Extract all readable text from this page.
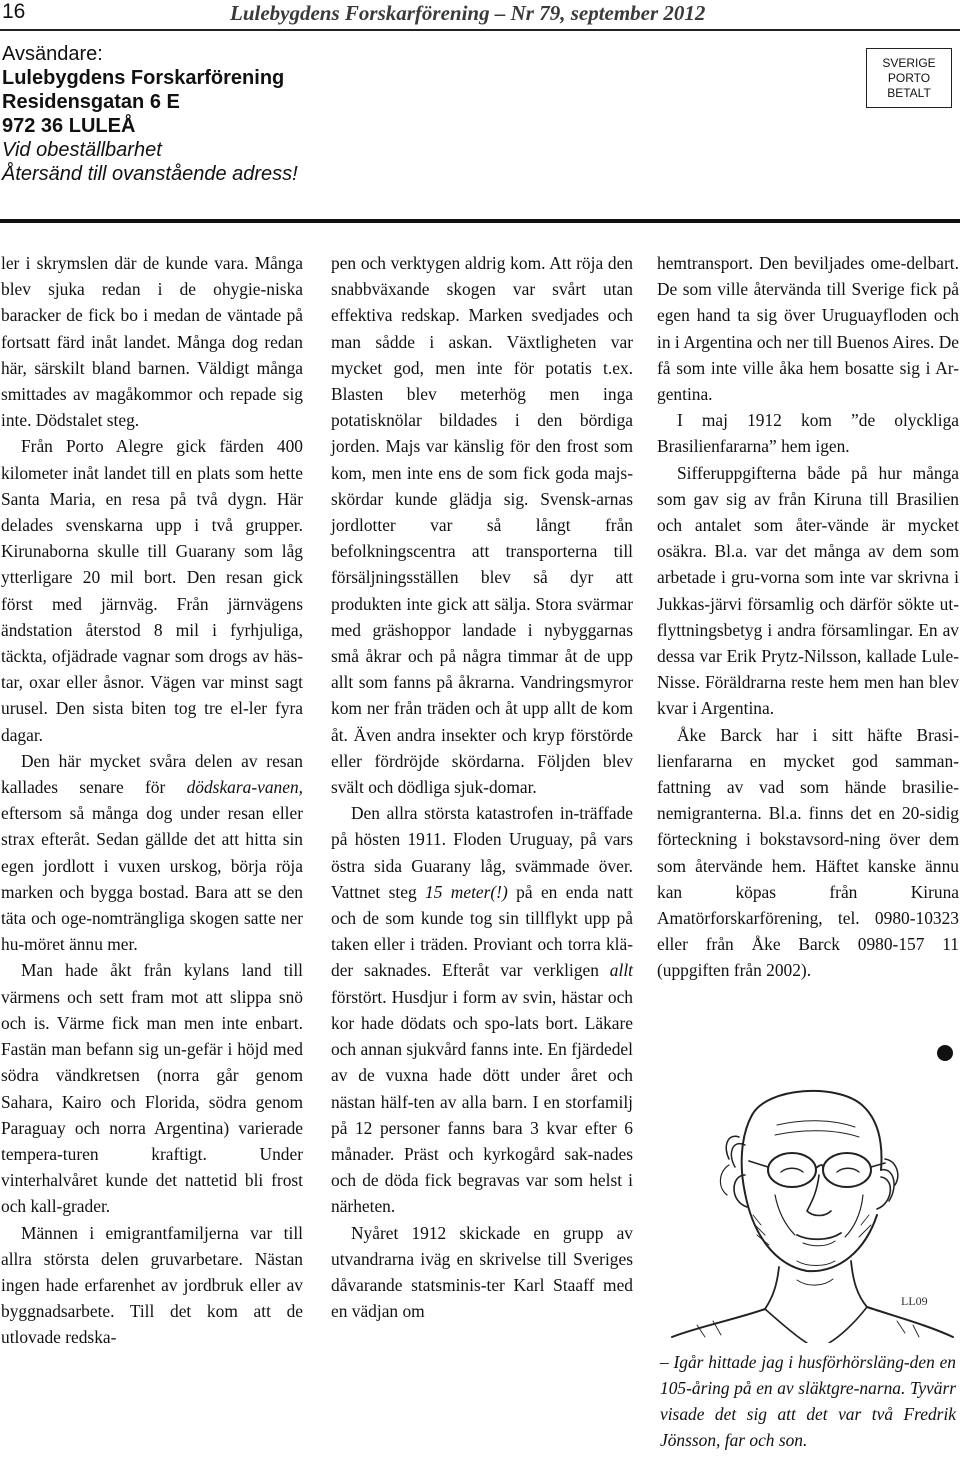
16	Lulebygdens Forskarförening – Nr 79, september 2012
Avsändare:
Lulebygdens Forskarförening
Residensgatan 6 E
972 36 LULEÅ
Vid obeställbarhet
Återsänd till ovanstående adress!
SVERIGE
PORTO
BETALT

ler i skrymslen där de kunde vara. Många blev sjuka redan i de ohygie-niska baracker de fick bo i medan de väntade på fortsatt färd inåt landet. Många dog redan här, särskilt bland barnen. Väldigt många smittades av magåkommor och repade sig inte. Dödstalet steg.

Från Porto Alegre gick färden 400 kilometer inåt landet till en plats som hette Santa Maria, en resa på två dygn. Här delades svenskarna upp i två grupper. Kirunaborna skulle till Guarany som låg ytterligare 20 mil bort. Den resan gick först med järnväg. Från järnvägens ändstation återstod 8 mil i fyrhjuliga, täckta, ofjädrade vagnar som drogs av häs-tar, oxar eller åsnor. Vägen var minst sagt urusel. Den sista biten tog tre el-ler fyra dagar.

Den här mycket svåra delen av resan kallades senare för dödskara-vanen, eftersom så många dog under resan eller strax efteråt. Sedan gällde det att hitta sin egen jordlott i vuxen urskog, börja röja marken och bygga bostad. Bara att se den täta och oge-nomträngliga skogen satte ner hu-möret ännu mer.

Man hade åkt från kylans land till värmens och sett fram mot att slippa snö och is. Värme fick man men inte enbart. Fastän man befann sig un-gefär i höjd med södra vändkretsen (norra går genom Sahara, Kairo och Florida, södra genom Paraguay och norra Argentina) varierade tempera-turen kraftigt. Under vinterhalvåret kunde det nattetid bli frost och kall-grader.

Männen i emigrantfamiljerna var till allra största delen gruvarbetare. Nästan ingen hade erfarenhet av jordbruk eller av byggnadsarbete. Till det kom att de utlovade redska-

pen och verktygen aldrig kom. Att röja den snabbväxande skogen var svårt utan effektiva redskap. Marken svedjades och man sådde i askan. Växtligheten var mycket god, men inte för potatis t.ex. Blasten blev meterhög men inga potatisknölar bildades i den bördiga jorden. Majs var känslig för den frost som kom, men inte ens de som fick goda majs-skördar kunde glädja sig. Svensk-arnas jordlotter var så långt från befolkningscentra att transporterna till försäljningsställen blev så dyr att produkten inte gick att sälja. Stora svärmar med gräshoppor landade i nybyggarnas små åkrar och på några timmar åt de upp allt som fanns på åkrarna. Vandringsmyror kom ner från träden och åt upp allt de kom åt. Även andra insekter och kryp förstörde eller fördröjde skördarna. Följden blev svält och dödliga sjuk-domar.

Den allra största katastrofen in-träffade på hösten 1911. Floden Uruguay, på vars östra sida Guarany låg, svämmade över. Vattnet steg 15 meter(!) på en enda natt och de som kunde tog sin tillflykt upp på taken eller i träden. Proviant och torra klä-der saknades. Efteråt var verkligen allt förstört. Husdjur i form av svin, hästar och kor hade dödats och spo-lats bort. Läkare och annan sjukvård fanns inte. En fjärdedel av de vuxna hade dött under året och nästan hälf-ten av alla barn. I en storfamilj på 12 personer fanns bara 3 kvar efter 6 månader. Präst och kyrkogård sak-nades och de döda fick begravas var som helst i närheten.

Nyåret 1912 skickade en grupp av utvandrarna iväg en skrivelse till Sveriges dåvarande statsminis-ter Karl Staaff med en vädjan om

hemtransport. Den beviljades ome-delbart. De som ville återvända till Sverige fick på egen hand ta sig över Uruguayfloden och in i Argentina och ner till Buenos Aires. De få som inte ville åka hem bosatte sig i Ar-gentina.

I maj 1912 kom ”de olyckliga Brasilienfararna” hem igen.

Sifferuppgifterna både på hur många som gav sig av från Kiruna till Brasilien och antalet som åter-vände är mycket osäkra. Bl.a. var det många av dem som arbetade i gru-vorna som inte var skrivna i Jukkas-järvi församlig och därför sökte ut-flyttningsbetyg i andra församlingar. En av dessa var Erik Prytz-Nilsson, kallade Lule-Nisse. Föräldrarna reste hem men han blev kvar i Argentina.

Åke Barck har i sitt häfte Brasi-lienfararna en mycket god samman-fattning av vad som hände brasilie-nemigranterna. Bl.a. finns det en 20-sidig förteckning i bokstavsord-ning över dem som återvände hem. Häftet kanske ännu kan köpas från Kiruna Amatörforskarförening, tel. 0980-10323 eller från Åke Barck 0980-157 11 (uppgiften från 2002).

LL09
– Igår hittade jag i husförhörsläng-den en 105-åring på en av släktgre-narna. Tyvärr visade det sig att det var två Fredrik Jönsson, far och son.
